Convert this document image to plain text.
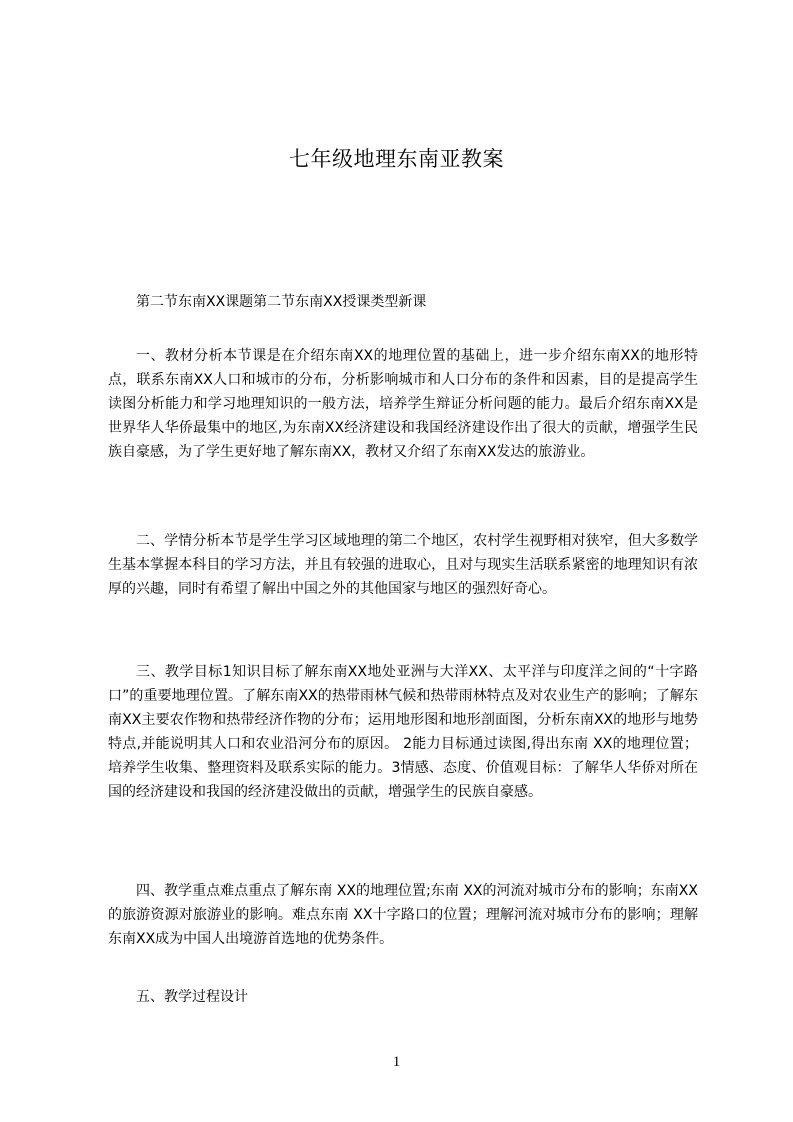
七年级地理东南亚教案
第二节东南XX课题第二节东南XX授课类型新课
一、教材分析本节课是在介绍东南XX的地理位置的基础上，进一步介绍东南XX的地形特点，联系东南XX人口和城市的分布，分析影响城市和人口分布的条件和因素，目的是提高学生读图分析能力和学习地理知识的一般方法，培养学生辩证分析问题的能力。最后介绍东南XX是世界华人华侨最集中的地区,为东南XX经济建设和我国经济建设作出了很大的贡献，增强学生民族自豪感，为了学生更好地了解东南XX，教材又介绍了东南XX发达的旅游业。
二、学情分析本节是学生学习区域地理的第二个地区，农村学生视野相对狭窄，但大多数学生基本掌握本科目的学习方法，并且有较强的进取心，且对与现实生活联系紧密的地理知识有浓厚的兴趣，同时有希望了解出中国之外的其他国家与地区的强烈好奇心。
三、教学目标1知识目标了解东南XX地处亚洲与大洋XX、太平洋与印度洋之间的“十字路口”的重要地理位置。了解东南XX的热带雨林气候和热带雨林特点及对农业生产的影响；了解东南XX主要农作物和热带经济作物的分布；运用地形图和地形剖面图，分析东南XX的地形与地势特点,并能说明其人口和农业沿河分布的原因。 2能力目标通过读图,得出东南 XX的地理位置；培养学生收集、整理资料及联系实际的能力。3情感、态度、价值观目标：了解华人华侨对所在国的经济建设和我国的经济建没做出的贡献，增强学生的民族自豪感。
四、教学重点难点重点了解东南 XX的地理位置;东南 XX的河流对城市分布的影响；东南XX的旅游资源对旅游业的影响。难点东南 XX十字路口的位置；理解河流对城市分布的影响；理解东南XX成为中国人出境游首选地的优势条件。
五、教学过程设计
1
